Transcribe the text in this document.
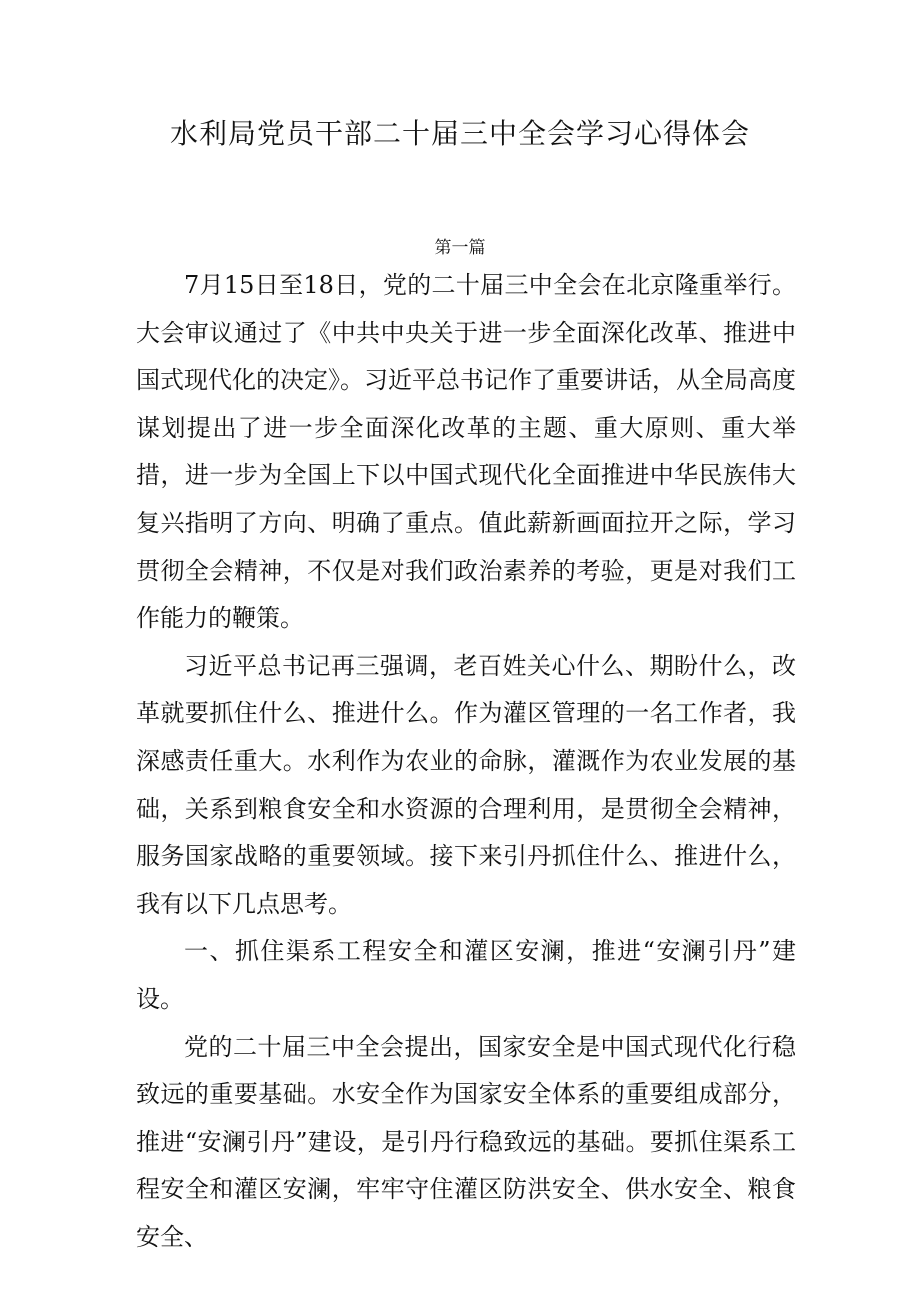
水利局党员干部二十届三中全会学习心得体会
第一篇

7月15日至18日，党的二十届三中全会在北京隆重举行。大会审议通过了《中共中央关于进一步全面深化改革、推进中国式现代化的决定》。习近平总书记作了重要讲话，从全局高度谋划提出了进一步全面深化改革的主题、重大原则、重大举措，进一步为全国上下以中国式现代化全面推进中华民族伟大复兴指明了方向、明确了重点。值此薪新画面拉开之际，学习贯彻全会精神，不仅是对我们政治素养的考验，更是对我们工作能力的鞭策。

习近平总书记再三强调，老百姓关心什么、期盼什么，改革就要抓住什么、推进什么。作为灌区管理的一名工作者，我深感责任重大。水利作为农业的命脉，灌溉作为农业发展的基础，关系到粮食安全和水资源的合理利用，是贯彻全会精神，服务国家战略的重要领域。接下来引丹抓住什么、推进什么，我有以下几点思考。

一、抓住渠系工程安全和灌区安澜，推进“安澜引丹”建设。

党的二十届三中全会提出，国家安全是中国式现代化行稳致远的重要基础。水安全作为国家安全体系的重要组成部分，推进“安澜引丹”建设，是引丹行稳致远的基础。要抓住渠系工程安全和灌区安澜，牢牢守住灌区防洪安全、供水安全、粮食安全、
